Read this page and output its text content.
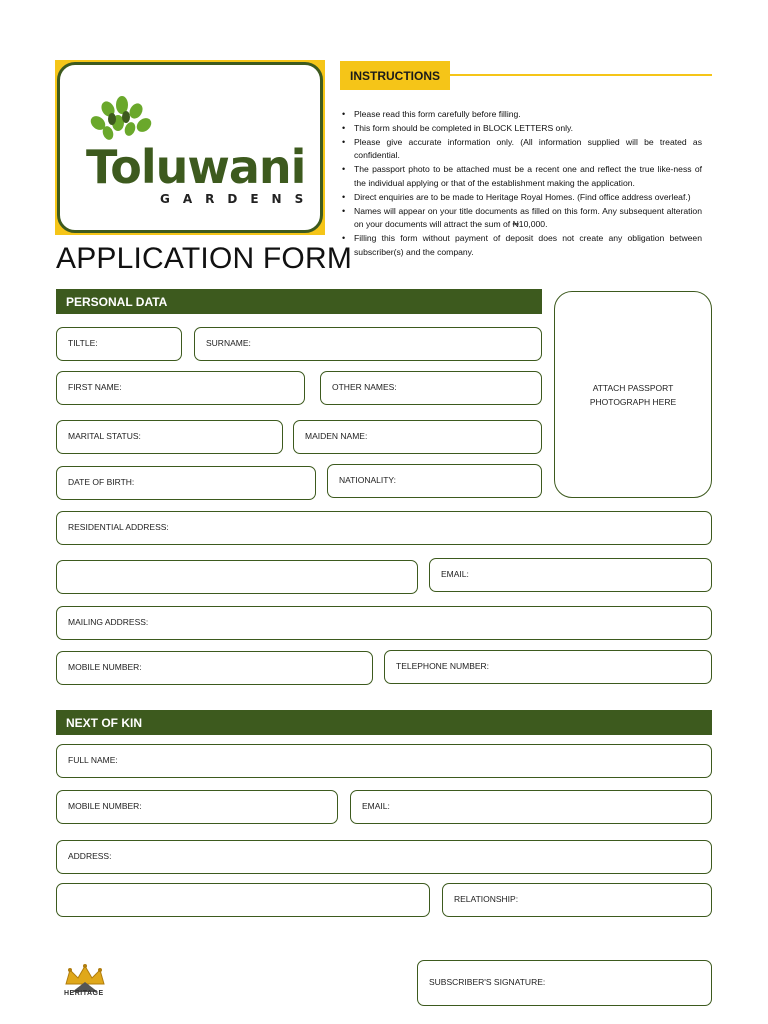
Toluwani
GARDENS
APPLICATION FORM
INSTRUCTIONS
• Please read this form carefully before filling.
• This form should be completed in BLOCK LETTERS only.
• Please give accurate information only. (All information supplied will be treated as confidential.
• The passport photo to be attached must be a recent one and reflect the true like-ness of the individual applying or that of the establishment making the application.
• Direct enquiries are to be made to Heritage Royal Homes. (Find office address overleaf.)
• Names will appear on your title documents as filled on this form. Any subsequent alteration on your documents will attract the sum of ₦10,000.
• Filling this form without payment of deposit does not create any obligation between subscriber(s) and the company.
PERSONAL DATA
ATTACH PASSPORT
PHOTOGRAPH HERE
TILTLE:	SURNAME:
FIRST NAME:	OTHER NAMES:
MARITAL STATUS:	MAIDEN NAME:
DATE OF BIRTH:	NATIONALITY:
RESIDENTIAL ADDRESS:
EMAIL:
MAILING ADDRESS:
MOBILE NUMBER:	TELEPHONE NUMBER:
NEXT OF KIN
FULL NAME:
MOBILE NUMBER:	EMAIL:
ADDRESS:
RELATIONSHIP:
HERITAGE
SUBSCRIBER'S SIGNATURE:
